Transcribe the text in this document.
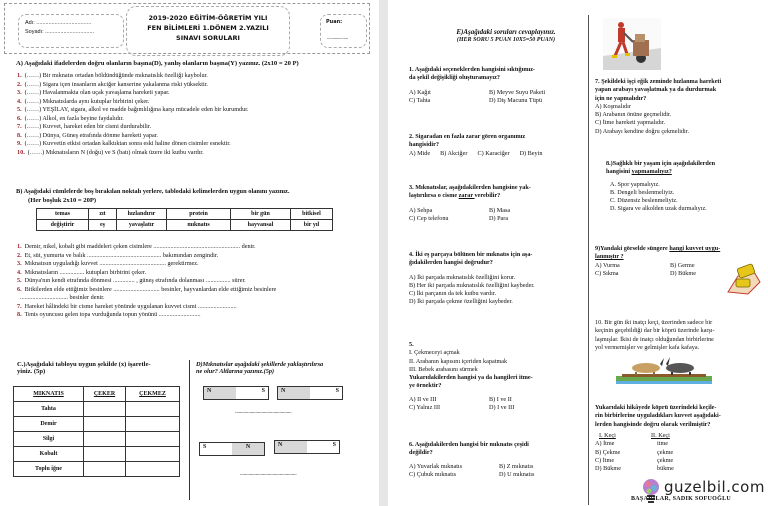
Adı: ....................................
Soyadı: ................................
2019-2020 EĞİTİM-ÖĞRETİM YILI
FEN BİLİMLERİ 1.DÖNEM 2.YAZILI
SINAVI SORULARI
Puan:
...................
A) Aşağıdaki ifadelerden doğru olanların başına(D), yanlış olanların başına(Y) yazınız. (2x10 = 20 P)
1. (……) Bir mıknatıs ortadan böldündüğünde mıknatıslık özelliği kaybolur.
2. (……) Sigara içen insanların akciğer kanserine yakalanma riski yüksektir.
3. (……) Havalanmakta olan uçak yavaşlama hareketi yapar.
4. (……) Mıknatıslarda aynı kutuplar birbirini çeker.
5. (……) YEŞİLAY, sigara, alkol ve madde bağımlılığına karşı mücadele eden bir kurumdur.
6. (……) Alkol, en fazla beyine faydalıdır.
7. (……) Kuvvet, hareket eden bir cismi durdurabilir.
8. (……) Dünya, Güneş etrafında dönme hareketi yapar.
9. (……) Kuvvetin etkisi ortadan kalktıktan sonra eski haline dönen cisimler esnektir.
10. (……) Mıknatısların N (doğu) ve S (batı) olmak üzere iki kutbu vardır.
B) Aşağıdaki cümlelerde boş bırakılan noktalı yerlere, tablodaki kelimelerden uygun olanını yazınız.
(Her boşluk 2x10 = 20P)
temas	zıt	hızlandırır	protein	bir gün	bitkisel
değiştirir	eş	yavaşlatır	mıknatıs	hayvansal	bir yıl
1. Demir, nikel, kobalt gibi maddeleri çeken cisimlere ........................................................ denir.
2. Et, süt, yumurta ve balık ................................................ bakımından zengindir.
3. Mıknatısın uyguladığı kuvvet ........................................... gerektirmez.
4. Mıknatısların ................ kutupları birbirini çeker.
5. Dünya'nın kendi etrafında dönmesi .............. , güneş etrafında dolanması ................ sürer.
6. Bitkilerden elde ettiğimiz besinlere .............................. besinler, hayvanlardan elde ettiğimiz besinlere
............................... besinler denir.
7. Hareket hâlindeki bir cisme hareket yönünde uygulanan kuvvet cismi .........................
8. Tenis oyuncusu gelen topa vurduğunda topun yönünü ...........................
C.)Aşağıdaki tabloyu uygun şekilde (x) işaretle-
yiniz. (5p)
MIKNATIS	ÇEKER	ÇEKMEZ
Tahta		
Demir		
Silgi		
Kobalt		
Toplu iğne		
D)Mıknatıslar aşağıdaki şekillerde yaklaştırılırsa
ne olur? Altlarına yazınız.(5p)
N	S	N	S
...............................................
S	N	N	S
...............................................
E)Aşağıdaki soruları cevaplayınız.
(HER SORU 5 PUAN 10X5=50 PUAN)
1. Aşağıdaki seçeneklerden hangisini sıktığımız-
da şekil değişikliği oluşturamayız?
A) Kağıt	B) Meyve Suyu Paketi
C) Tahta	D) Diş Macunu Tüpü
2. Sigaradan en fazla zarar gören organımız
hangisidir?
A) Mide B) Akciğer C) Karaciğer D) Beyin
3. Mıknatıslar, aşağıdakilerden hangisine yak-
laştırılırsa o cisme zarar verebilir?
A) Sehpa	B) Masa
C) Cep telefonu	D) Para
4. İki eş parçaya bölünen bir mıknatıs için aşa-
ğıdakilerden hangisi doğrudur?
A) İki parçada mıknatıslık özelliğini korur.
B) Her iki parçada mıknatıslık özelliğini kaybeder.
C) İki parçanın da tek kutbu vardır.
D) İki parçada çekme özelliğini kaybeder.
5.
I. Çekmeceyi açmak
II. Arabanın kapısını içeriden kapatmak
III. Bebek arabasını sürmek
Yukarıdakilerden hangisi ya da hangileri itme-
ye örnektir?
A) II ve III	B) I ve II
C) Yalnız III	D) I ve III
6. Aşağıdakilerden hangisi bir mıknatıs çeşidi
değildir?
A) Yuvarlak mıknatıs	B) Z mıknatıs
C) Çubuk mıknatıs	D) U mıknatıs
7. Şekildeki işçi eğik zeminde hızlanma hareketi
yapan arabayı yavaşlatmak ya da durdurmak
için ne yapmalıdır?
A) Koşmalıdır
B) Arabanın önüne geçmelidir.
C) İtme hareketi yapmalıdır.
D) Arabayı kendine doğru çekmelidir.
8.)Sağlıklı bir yaşam için aşağıdakilerden
hangisini yapmamalıyız?
A. Spor yapmalıyız.
B. Dengeli beslenmeliyiz.
C. Düzensiz beslenmeliyiz.
D. Sigara ve alkolden uzak durmalıyız.
9)Yandaki görselde süngere hangi kuvvet uygu-
lanmıştır ?
A) Vurma	B) Germe
C) Sıkma	D) Bükme
10. Bir gün iki inatçı keçi, üzerinden sadece bir
keçinin geçebildiği dar bir köprü üzerinde karşı-
laşmışlar. İkisi de inatçı olduğundan birbirlerine
yol vermemişler ve gelmişler kafa kafaya.
Yukarıdaki hikâyede köprü üzerindeki keçile-
rin birbirlerine uyguladıkları kuvvet aşağıdaki-
lerden hangisinde doğru olarak verilmiştir?
I. Keçi	II. Keçi
A) İtme	itme
B) Çekme	çekme
C) İtme	çekme
D) Bükme	bükme
BAŞARILAR, SADIK SOFUOĞLU
guzelbil.com
